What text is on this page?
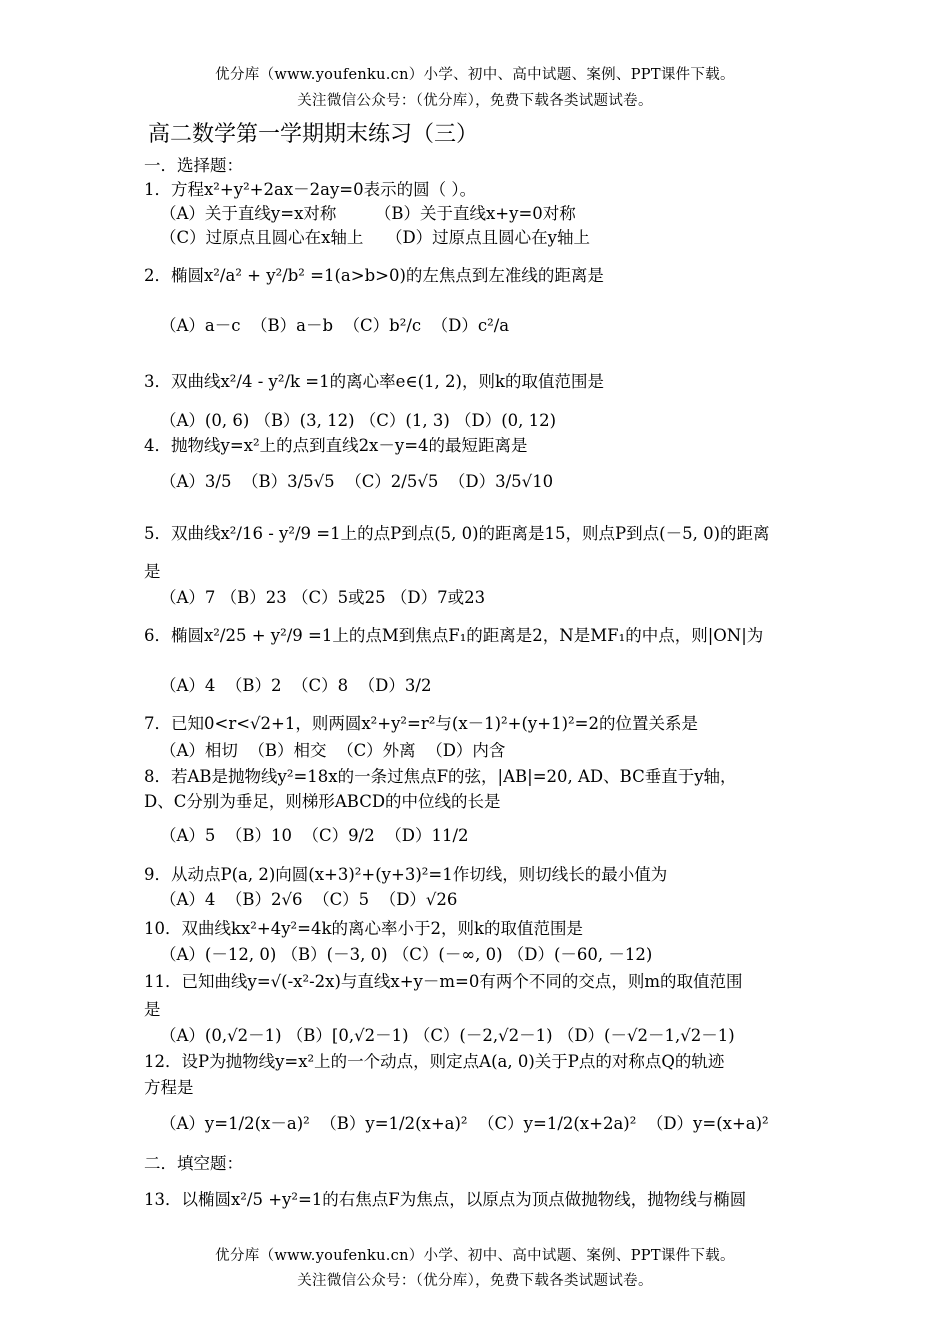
优分库（www.youfenku.cn）小学、初中、高中试题、案例、PPT课件下载。
关注微信公众号：（优分库），免费下载各类试题试卷。
高二数学第一学期期末练习（三）
一．选择题：
1．方程x²+y²+2ax－2ay=0表示的圆（ ）。
（A）关于直线y=x对称 （B）关于直线x+y=0对称
（C）过原点且圆心在x轴上 （D）过原点且圆心在y轴上
2．椭圆x²/a² + y²/b² =1(a>b>0)的左焦点到左准线的距离是
（A）a－c （B）a－b （C）b²/c （D）c²/a
3．双曲线x²/4 - y²/k =1的离心率e∈(1, 2)，则k的取值范围是
（A）(0, 6) （B）(3, 12) （C）(1, 3) （D）(0, 12)
4．抛物线y=x²上的点到直线2x－y=4的最短距离是
（A）3/5 （B）3/5√5 （C）2/5√5 （D）3/5√10
5．双曲线x²/16 - y²/9 =1上的点P到点(5, 0)的距离是15，则点P到点(－5, 0)的距离
是
（A）7 （B）23 （C）5或25 （D）7或23
6．椭圆x²/25 + y²/9 =1上的点M到焦点F₁的距离是2，N是MF₁的中点，则|ON|为
（A）4 （B）2 （C）8 （D）3/2
7．已知0<r<√2+1，则两圆x²+y²=r²与(x－1)²+(y+1)²=2的位置关系是
（A）相切 （B）相交 （C）外离 （D）内含
8．若AB是抛物线y²=18x的一条过焦点F的弦，|AB|=20, AD、BC垂直于y轴，
D、C分别为垂足，则梯形ABCD的中位线的长是
（A）5 （B）10 （C）9/2 （D）11/2
9．从动点P(a, 2)向圆(x+3)²+(y+3)²=1作切线，则切线长的最小值为
（A）4 （B）2√6 （C）5 （D）√26
10．双曲线kx²+4y²=4k的离心率小于2，则k的取值范围是
（A）(－12, 0) （B）(－3, 0) （C）(－∞, 0) （D）(－60, －12)
11．已知曲线y=√(-x²-2x)与直线x+y－m=0有两个不同的交点，则m的取值范围
是
（A）(0,√2－1) （B）[0,√2－1) （C）(－2,√2－1) （D）(－√2－1,√2－1)
12．设P为抛物线y=x²上的一个动点，则定点A(a, 0)关于P点的对称点Q的轨迹
方程是
（A）y=1/2(x－a)² （B）y=1/2(x+a)² （C）y=1/2(x+2a)² （D）y=(x+a)²
二．填空题：
13．以椭圆x²/5 +y²=1的右焦点F为焦点，以原点为顶点做抛物线，抛物线与椭圆
优分库（www.youfenku.cn）小学、初中、高中试题、案例、PPT课件下载。
关注微信公众号：（优分库），免费下载各类试题试卷。
